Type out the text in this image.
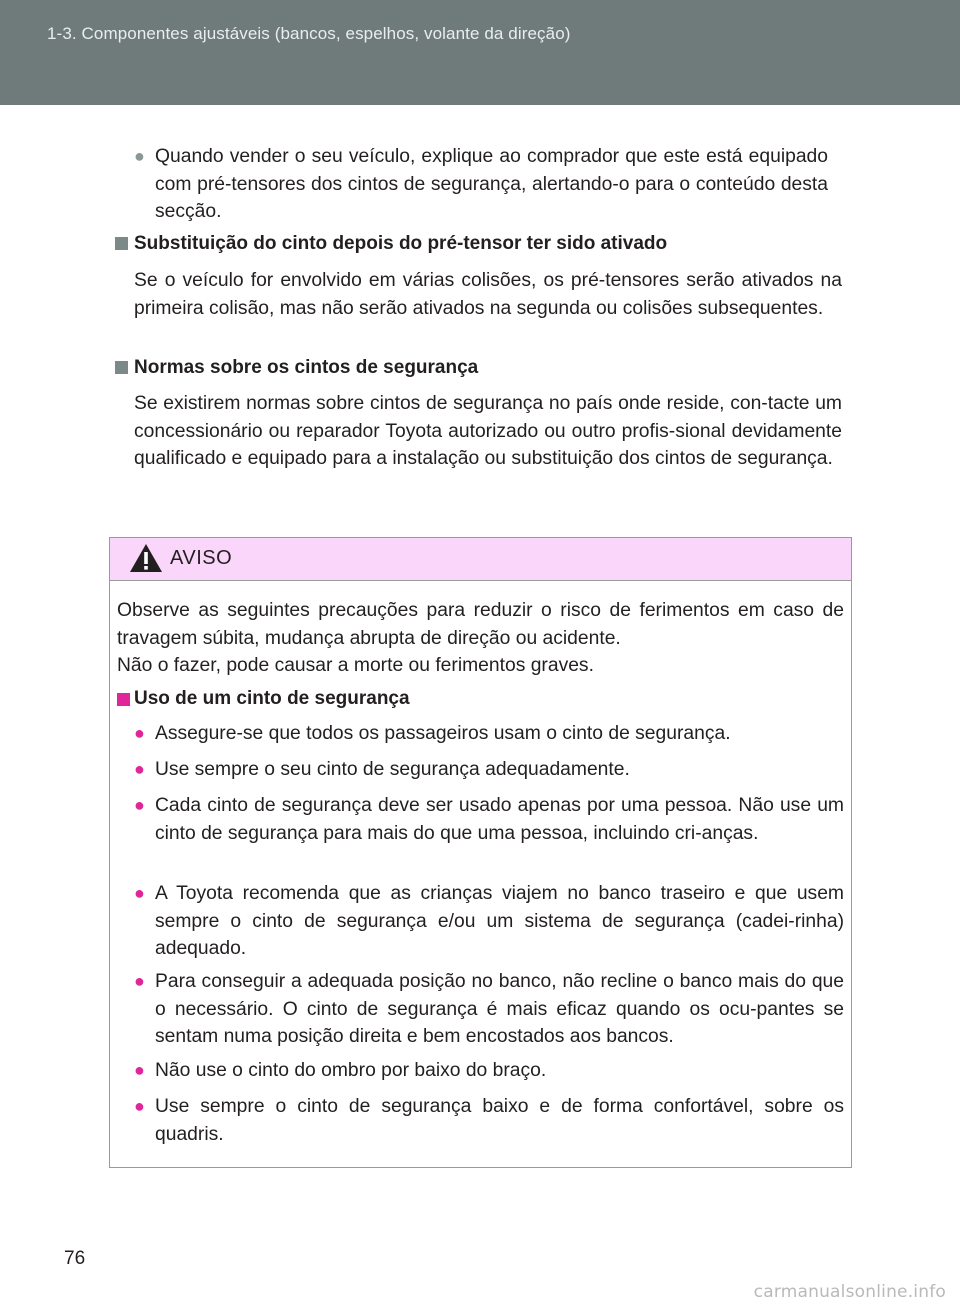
1-3. Componentes ajustáveis (bancos, espelhos, volante da direção)
● Quando vender o seu veículo, explique ao comprador que este está equipado com pré-tensores dos cintos de segurança, alertando-o para o conteúdo desta secção.

Substituição do cinto depois do pré-tensor ter sido ativado

Se o veículo for envolvido em várias colisões, os pré-tensores serão ativados na primeira colisão, mas não serão ativados na segunda ou colisões subsequentes.

Normas sobre os cintos de segurança

Se existirem normas sobre cintos de segurança no país onde reside, con-tacte um concessionário ou reparador Toyota autorizado ou outro profis-sional devidamente qualificado e equipado para a instalação ou substituição dos cintos de segurança.

AVISO

Observe as seguintes precauções para reduzir o risco de ferimentos em caso de travagem súbita, mudança abrupta de direção ou acidente.

Não o fazer, pode causar a morte ou ferimentos graves.

Uso de um cinto de segurança
● Assegure-se que todos os passageiros usam o cinto de segurança.

● Use sempre o seu cinto de segurança adequadamente.

● Cada cinto de segurança deve ser usado apenas por uma pessoa. Não use um cinto de segurança para mais do que uma pessoa, incluindo cri-anças.

● A Toyota recomenda que as crianças viajem no banco traseiro e que usem sempre o cinto de segurança e/ou um sistema de segurança (cadei-rinha) adequado.

● Para conseguir a adequada posição no banco, não recline o banco mais do que o necessário. O cinto de segurança é mais eficaz quando os ocu-pantes se sentam numa posição direita e bem encostados aos bancos.

● Não use o cinto do ombro por baixo do braço.

● Use sempre o cinto de segurança baixo e de forma confortável, sobre os quadris.

76
carmanualsonline.info
